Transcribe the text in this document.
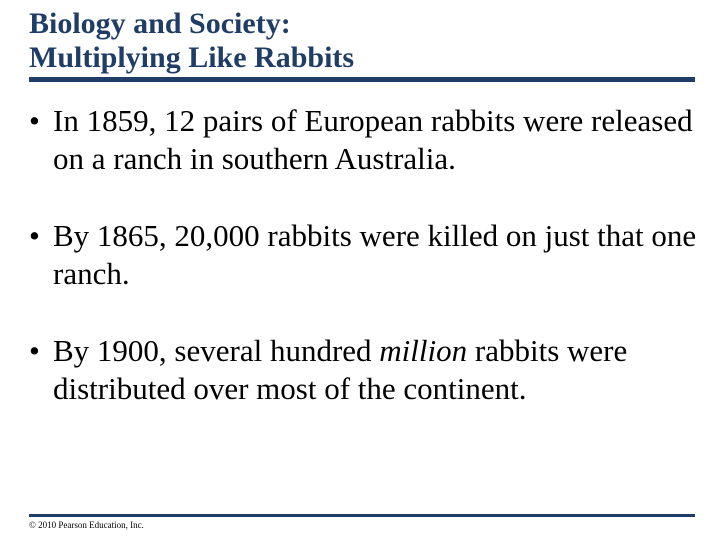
Biology and Society:
Multiplying Like Rabbits
• In 1859, 12 pairs of European rabbits were released on a ranch in southern Australia.
• By 1865, 20,000 rabbits were killed on just that one ranch.
• By 1900, several hundred million rabbits were distributed over most of the continent.
© 2010 Pearson Education, Inc.
